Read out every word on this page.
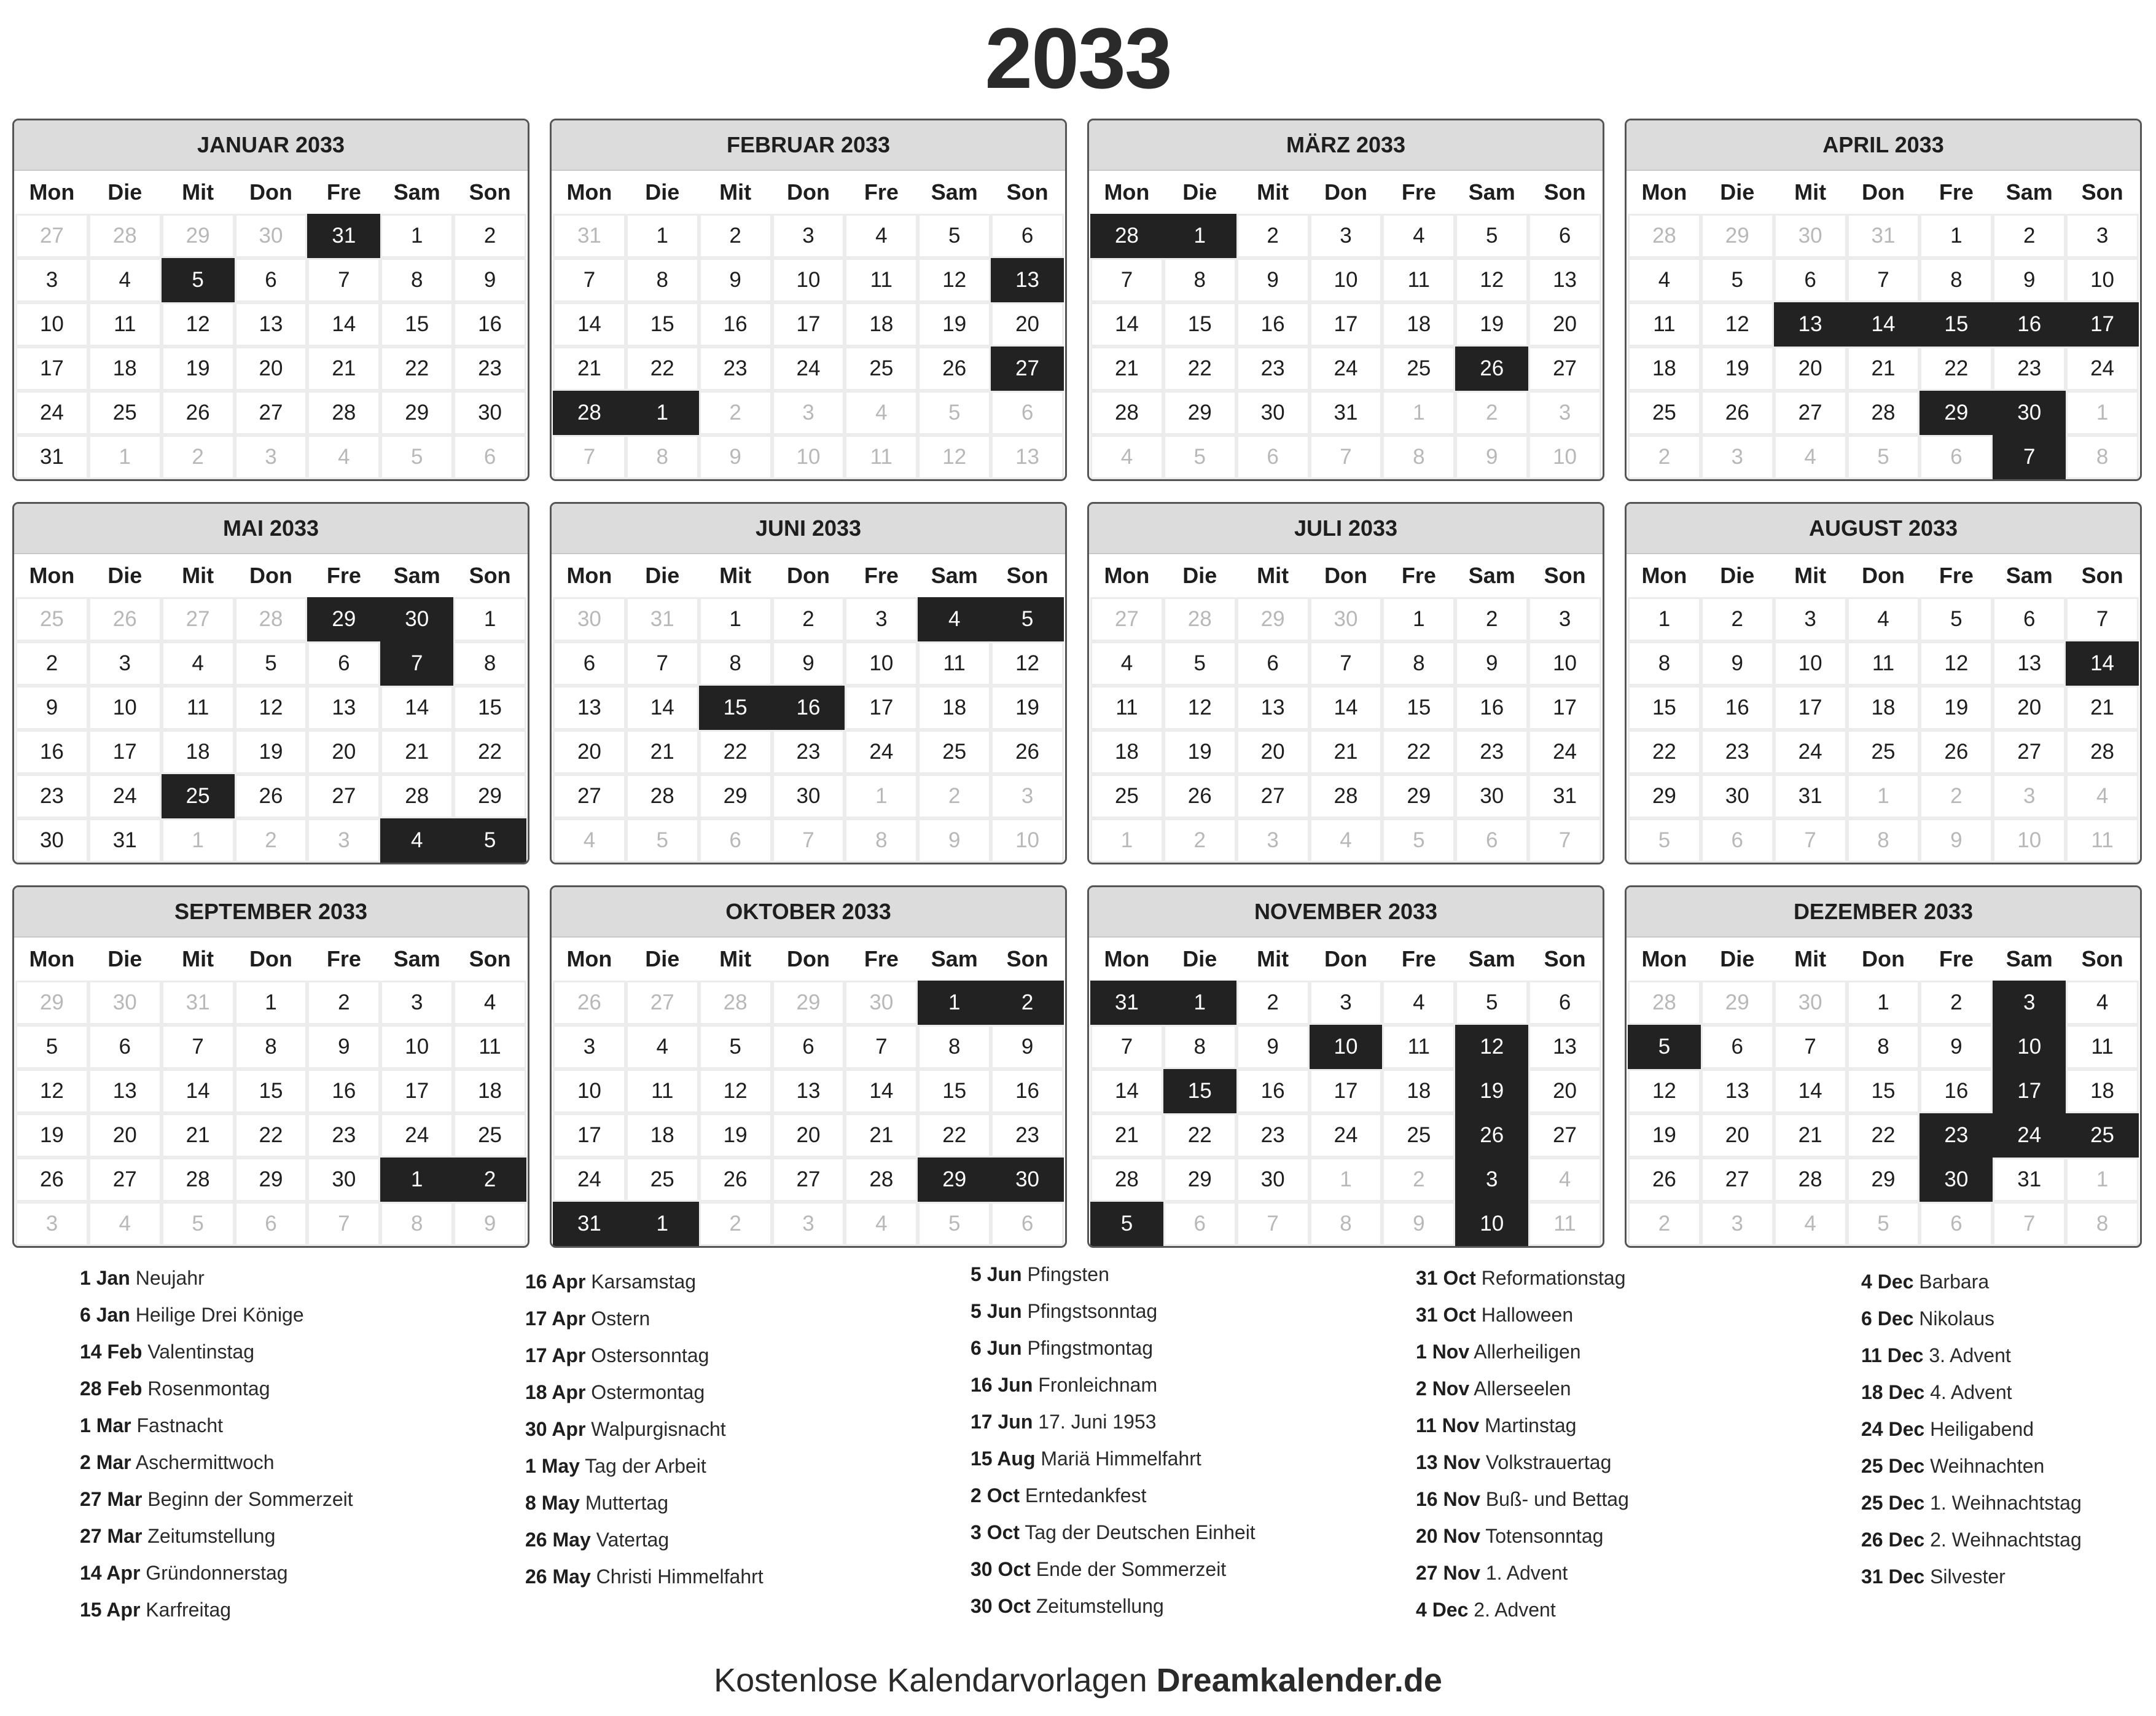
2033
JANUAR 2033
Mon	Die	Mit	Don	Fre	Sam	Son
27	28	29	30	31	1	2
3	4	5	6	7	8	9
10	11	12	13	14	15	16
17	18	19	20	21	22	23
24	25	26	27	28	29	30
31	1	2	3	4	5	6
FEBRUAR 2033
Mon	Die	Mit	Don	Fre	Sam	Son
31	1	2	3	4	5	6
7	8	9	10	11	12	13
14	15	16	17	18	19	20
21	22	23	24	25	26	27
28	1	2	3	4	5	6
7	8	9	10	11	12	13
MÄRZ 2033
Mon	Die	Mit	Don	Fre	Sam	Son
28	1	2	3	4	5	6
7	8	9	10	11	12	13
14	15	16	17	18	19	20
21	22	23	24	25	26	27
28	29	30	31	1	2	3
4	5	6	7	8	9	10
APRIL 2033
Mon	Die	Mit	Don	Fre	Sam	Son
28	29	30	31	1	2	3
4	5	6	7	8	9	10
11	12	13	14	15	16	17
18	19	20	21	22	23	24
25	26	27	28	29	30	1
2	3	4	5	6	7	8
MAI 2033
Mon	Die	Mit	Don	Fre	Sam	Son
25	26	27	28	29	30	1
2	3	4	5	6	7	8
9	10	11	12	13	14	15
16	17	18	19	20	21	22
23	24	25	26	27	28	29
30	31	1	2	3	4	5
JUNI 2033
Mon	Die	Mit	Don	Fre	Sam	Son
30	31	1	2	3	4	5
6	7	8	9	10	11	12
13	14	15	16	17	18	19
20	21	22	23	24	25	26
27	28	29	30	1	2	3
4	5	6	7	8	9	10
JULI 2033
Mon	Die	Mit	Don	Fre	Sam	Son
27	28	29	30	1	2	3
4	5	6	7	8	9	10
11	12	13	14	15	16	17
18	19	20	21	22	23	24
25	26	27	28	29	30	31
1	2	3	4	5	6	7
AUGUST 2033
Mon	Die	Mit	Don	Fre	Sam	Son
1	2	3	4	5	6	7
8	9	10	11	12	13	14
15	16	17	18	19	20	21
22	23	24	25	26	27	28
29	30	31	1	2	3	4
5	6	7	8	9	10	11
SEPTEMBER 2033
Mon	Die	Mit	Don	Fre	Sam	Son
29	30	31	1	2	3	4
5	6	7	8	9	10	11
12	13	14	15	16	17	18
19	20	21	22	23	24	25
26	27	28	29	30	1	2
3	4	5	6	7	8	9
OKTOBER 2033
Mon	Die	Mit	Don	Fre	Sam	Son
26	27	28	29	30	1	2
3	4	5	6	7	8	9
10	11	12	13	14	15	16
17	18	19	20	21	22	23
24	25	26	27	28	29	30
31	1	2	3	4	5	6
NOVEMBER 2033
Mon	Die	Mit	Don	Fre	Sam	Son
31	1	2	3	4	5	6
7	8	9	10	11	12	13
14	15	16	17	18	19	20
21	22	23	24	25	26	27
28	29	30	1	2	3	4
5	6	7	8	9	10	11
DEZEMBER 2033
Mon	Die	Mit	Don	Fre	Sam	Son
28	29	30	1	2	3	4
5	6	7	8	9	10	11
12	13	14	15	16	17	18
19	20	21	22	23	24	25
26	27	28	29	30	31	1
2	3	4	5	6	7	8
1 Jan Neujahr
6 Jan Heilige Drei Könige
14 Feb Valentinstag
28 Feb Rosenmontag
1 Mar Fastnacht
2 Mar Aschermittwoch
27 Mar Beginn der Sommerzeit
27 Mar Zeitumstellung
14 Apr Gründonnerstag
15 Apr Karfreitag
16 Apr Karsamstag
17 Apr Ostern
17 Apr Ostersonntag
18 Apr Ostermontag
30 Apr Walpurgisnacht
1 May Tag der Arbeit
8 May Muttertag
26 May Vatertag
26 May Christi Himmelfahrt
5 Jun Pfingsten
5 Jun Pfingstsonntag
6 Jun Pfingstmontag
16 Jun Fronleichnam
17 Jun 17. Juni 1953
15 Aug Mariä Himmelfahrt
2 Oct Erntedankfest
3 Oct Tag der Deutschen Einheit
30 Oct Ende der Sommerzeit
30 Oct Zeitumstellung
31 Oct Reformationstag
31 Oct Halloween
1 Nov Allerheiligen
2 Nov Allerseelen
11 Nov Martinstag
13 Nov Volkstrauertag
16 Nov Buß- und Bettag
20 Nov Totensonntag
27 Nov 1. Advent
4 Dec 2. Advent
4 Dec Barbara
6 Dec Nikolaus
11 Dec 3. Advent
18 Dec 4. Advent
24 Dec Heiligabend
25 Dec Weihnachten
25 Dec 1. Weihnachtstag
26 Dec 2. Weihnachtstag
31 Dec Silvester
Kostenlose Kalendarvorlagen Dreamkalender.de
